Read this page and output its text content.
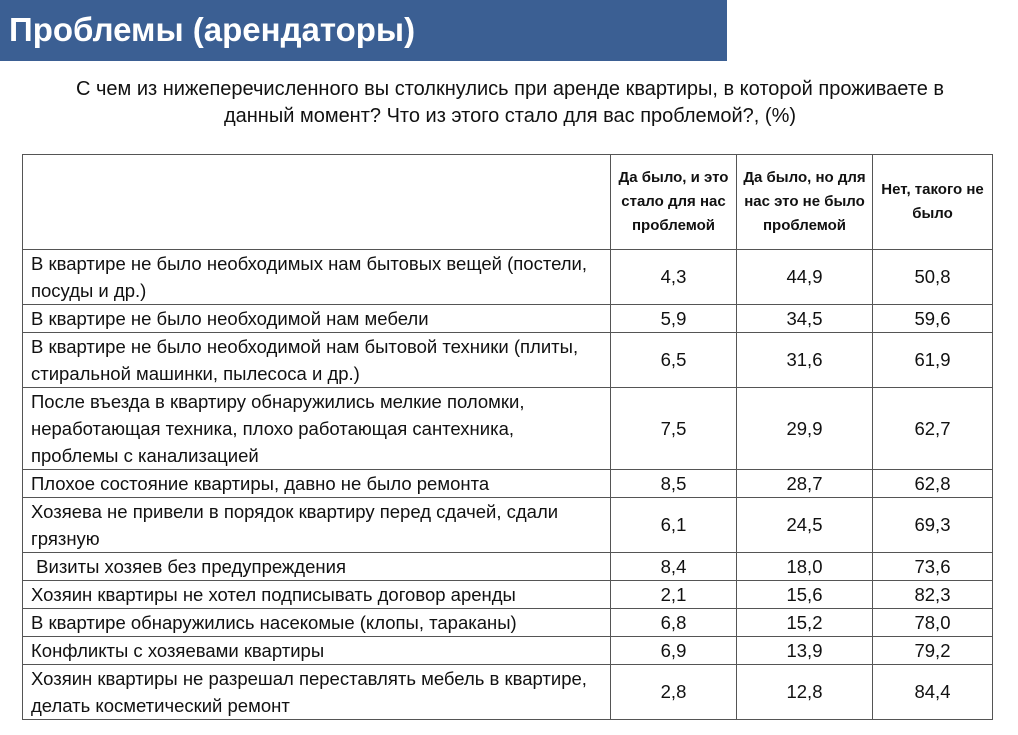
Проблемы (арендаторы)
С чем из нижеперечисленного вы столкнулись при аренде квартиры, в которой проживаете в данный момент? Что из этого стало для вас проблемой?, (%)
	Да было, и это стало для нас проблемой	Да было, но для нас это не было проблемой	Нет, такого не было
В квартире не было необходимых нам бытовых вещей (постели, посуды и др.)	4,3	44,9	50,8
В квартире не было необходимой нам мебели	5,9	34,5	59,6
В квартире не было необходимой нам бытовой техники (плиты, стиральной машинки, пылесоса и др.)	6,5	31,6	61,9
После въезда в квартиру обнаружились мелкие поломки, неработающая техника, плохо работающая сантехника, проблемы с канализацией	7,5	29,9	62,7
Плохое состояние квартиры, давно не было ремонта	8,5	28,7	62,8
Хозяева не привели в порядок квартиру перед сдачей, сдали грязную	6,1	24,5	69,3
Визиты хозяев без предупреждения	8,4	18,0	73,6
Хозяин квартиры не хотел подписывать договор аренды	2,1	15,6	82,3
В квартире обнаружились насекомые (клопы, тараканы)	6,8	15,2	78,0
Конфликты с хозяевами квартиры	6,9	13,9	79,2
Хозяин квартиры не разрешал переставлять мебель в квартире, делать косметический ремонт	2,8	12,8	84,4
